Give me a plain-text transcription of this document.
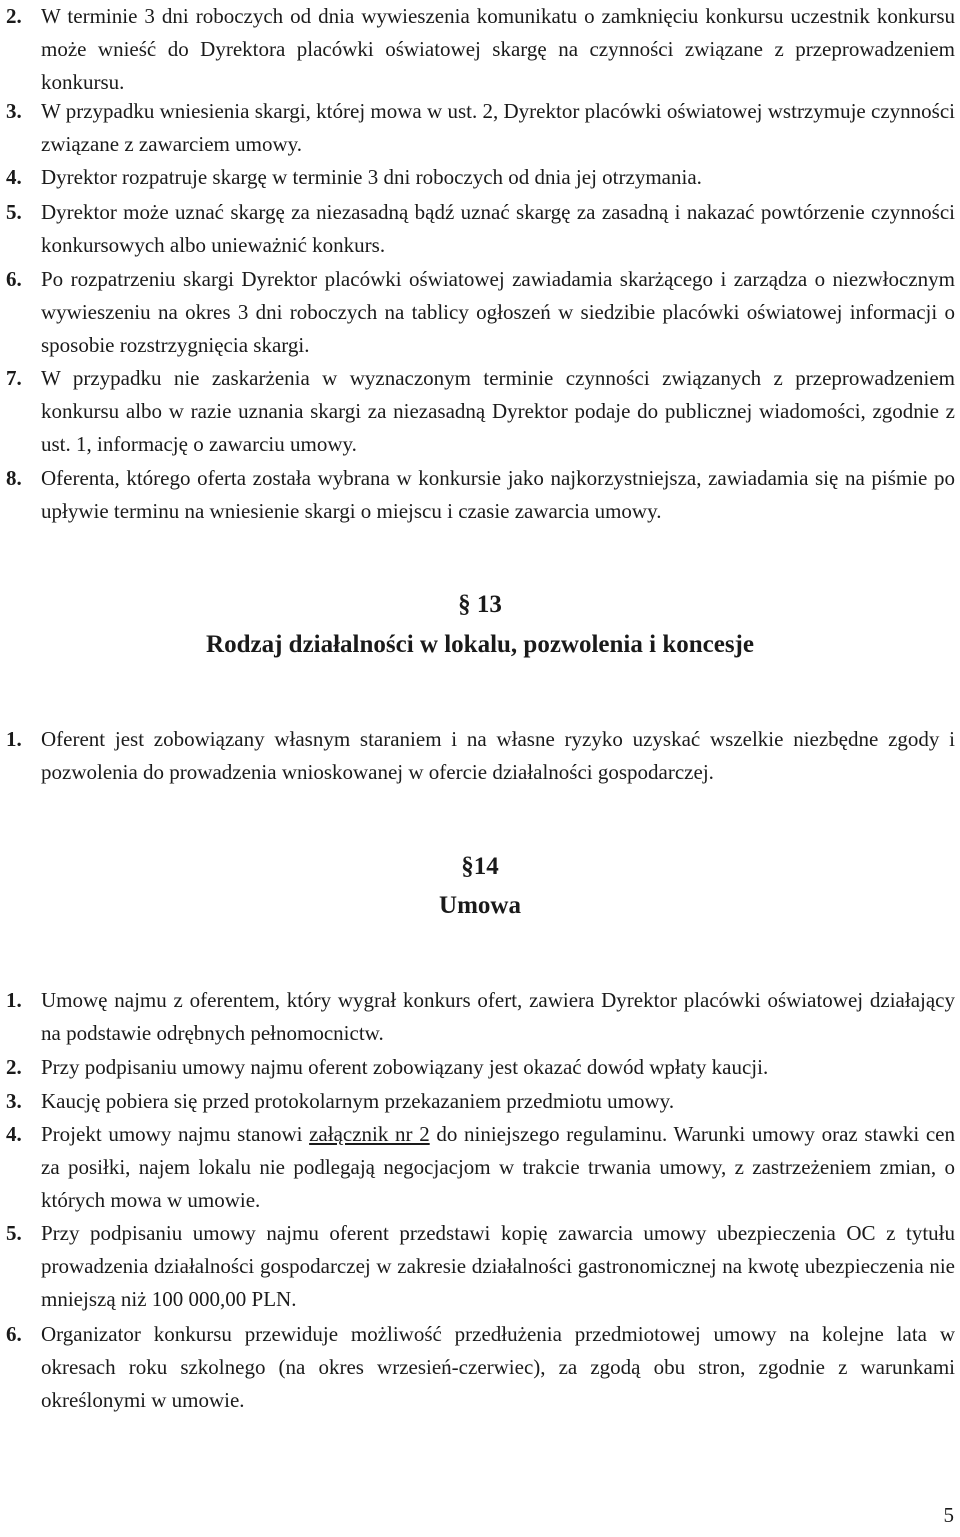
2. W terminie 3 dni roboczych od dnia wywieszenia komunikatu o zamknięciu konkursu uczestnik konkursu może wnieść do Dyrektora placówki oświatowej skargę na czynności związane z przeprowadzeniem konkursu.
3. W przypadku wniesienia skargi, której mowa w ust. 2, Dyrektor placówki oświatowej wstrzymuje czynności związane z zawarciem umowy.
4. Dyrektor rozpatruje skargę w terminie 3 dni roboczych od dnia jej otrzymania.
5. Dyrektor może uznać skargę za niezasadną bądź uznać skargę za zasadną i nakazać powtórzenie czynności konkursowych albo unieważnić konkurs.
6. Po rozpatrzeniu skargi Dyrektor placówki oświatowej zawiadamia skarżącego i zarządza o niezwłocznym wywieszeniu na okres 3 dni roboczych na tablicy ogłoszeń w siedzibie placówki oświatowej informacji o sposobie rozstrzygnięcia skargi.
7. W przypadku nie zaskarżenia w wyznaczonym terminie czynności związanych z przeprowadzeniem konkursu albo w razie uznania skargi za niezasadną Dyrektor podaje do publicznej wiadomości, zgodnie z ust. 1, informację o zawarciu umowy.
8. Oferenta, którego oferta została wybrana w konkursie jako najkorzystniejsza, zawiadamia się na piśmie po upływie terminu na wniesienie skargi o miejscu i czasie zawarcia umowy.
§ 13
Rodzaj działalności w lokalu, pozwolenia i koncesje
1. Oferent jest zobowiązany własnym staraniem i na własne ryzyko uzyskać wszelkie niezbędne zgody i pozwolenia do prowadzenia wnioskowanej w ofercie działalności gospodarczej.
§14
Umowa
1. Umowę najmu z oferentem, który wygrał konkurs ofert, zawiera Dyrektor placówki oświatowej działający na podstawie odrębnych pełnomocnictw.
2. Przy podpisaniu umowy najmu oferent zobowiązany jest okazać dowód wpłaty kaucji.
3. Kaucję pobiera się przed protokolarnym przekazaniem przedmiotu umowy.
4. Projekt umowy najmu stanowi załącznik nr 2 do niniejszego regulaminu. Warunki umowy oraz stawki cen za posiłki, najem lokalu nie podlegają negocjacjom w trakcie trwania umowy, z zastrzeżeniem zmian, o których mowa w umowie.
5. Przy podpisaniu umowy najmu oferent przedstawi kopię zawarcia umowy ubezpieczenia OC z tytułu prowadzenia działalności gospodarczej w zakresie działalności gastronomicznej na kwotę ubezpieczenia nie mniejszą niż 100 000,00 PLN.
6. Organizator konkursu przewiduje możliwość przedłużenia przedmiotowej umowy na kolejne lata w okresach roku szkolnego (na okres wrzesień-czerwiec), za zgodą obu stron, zgodnie z warunkami określonymi w umowie.
5
